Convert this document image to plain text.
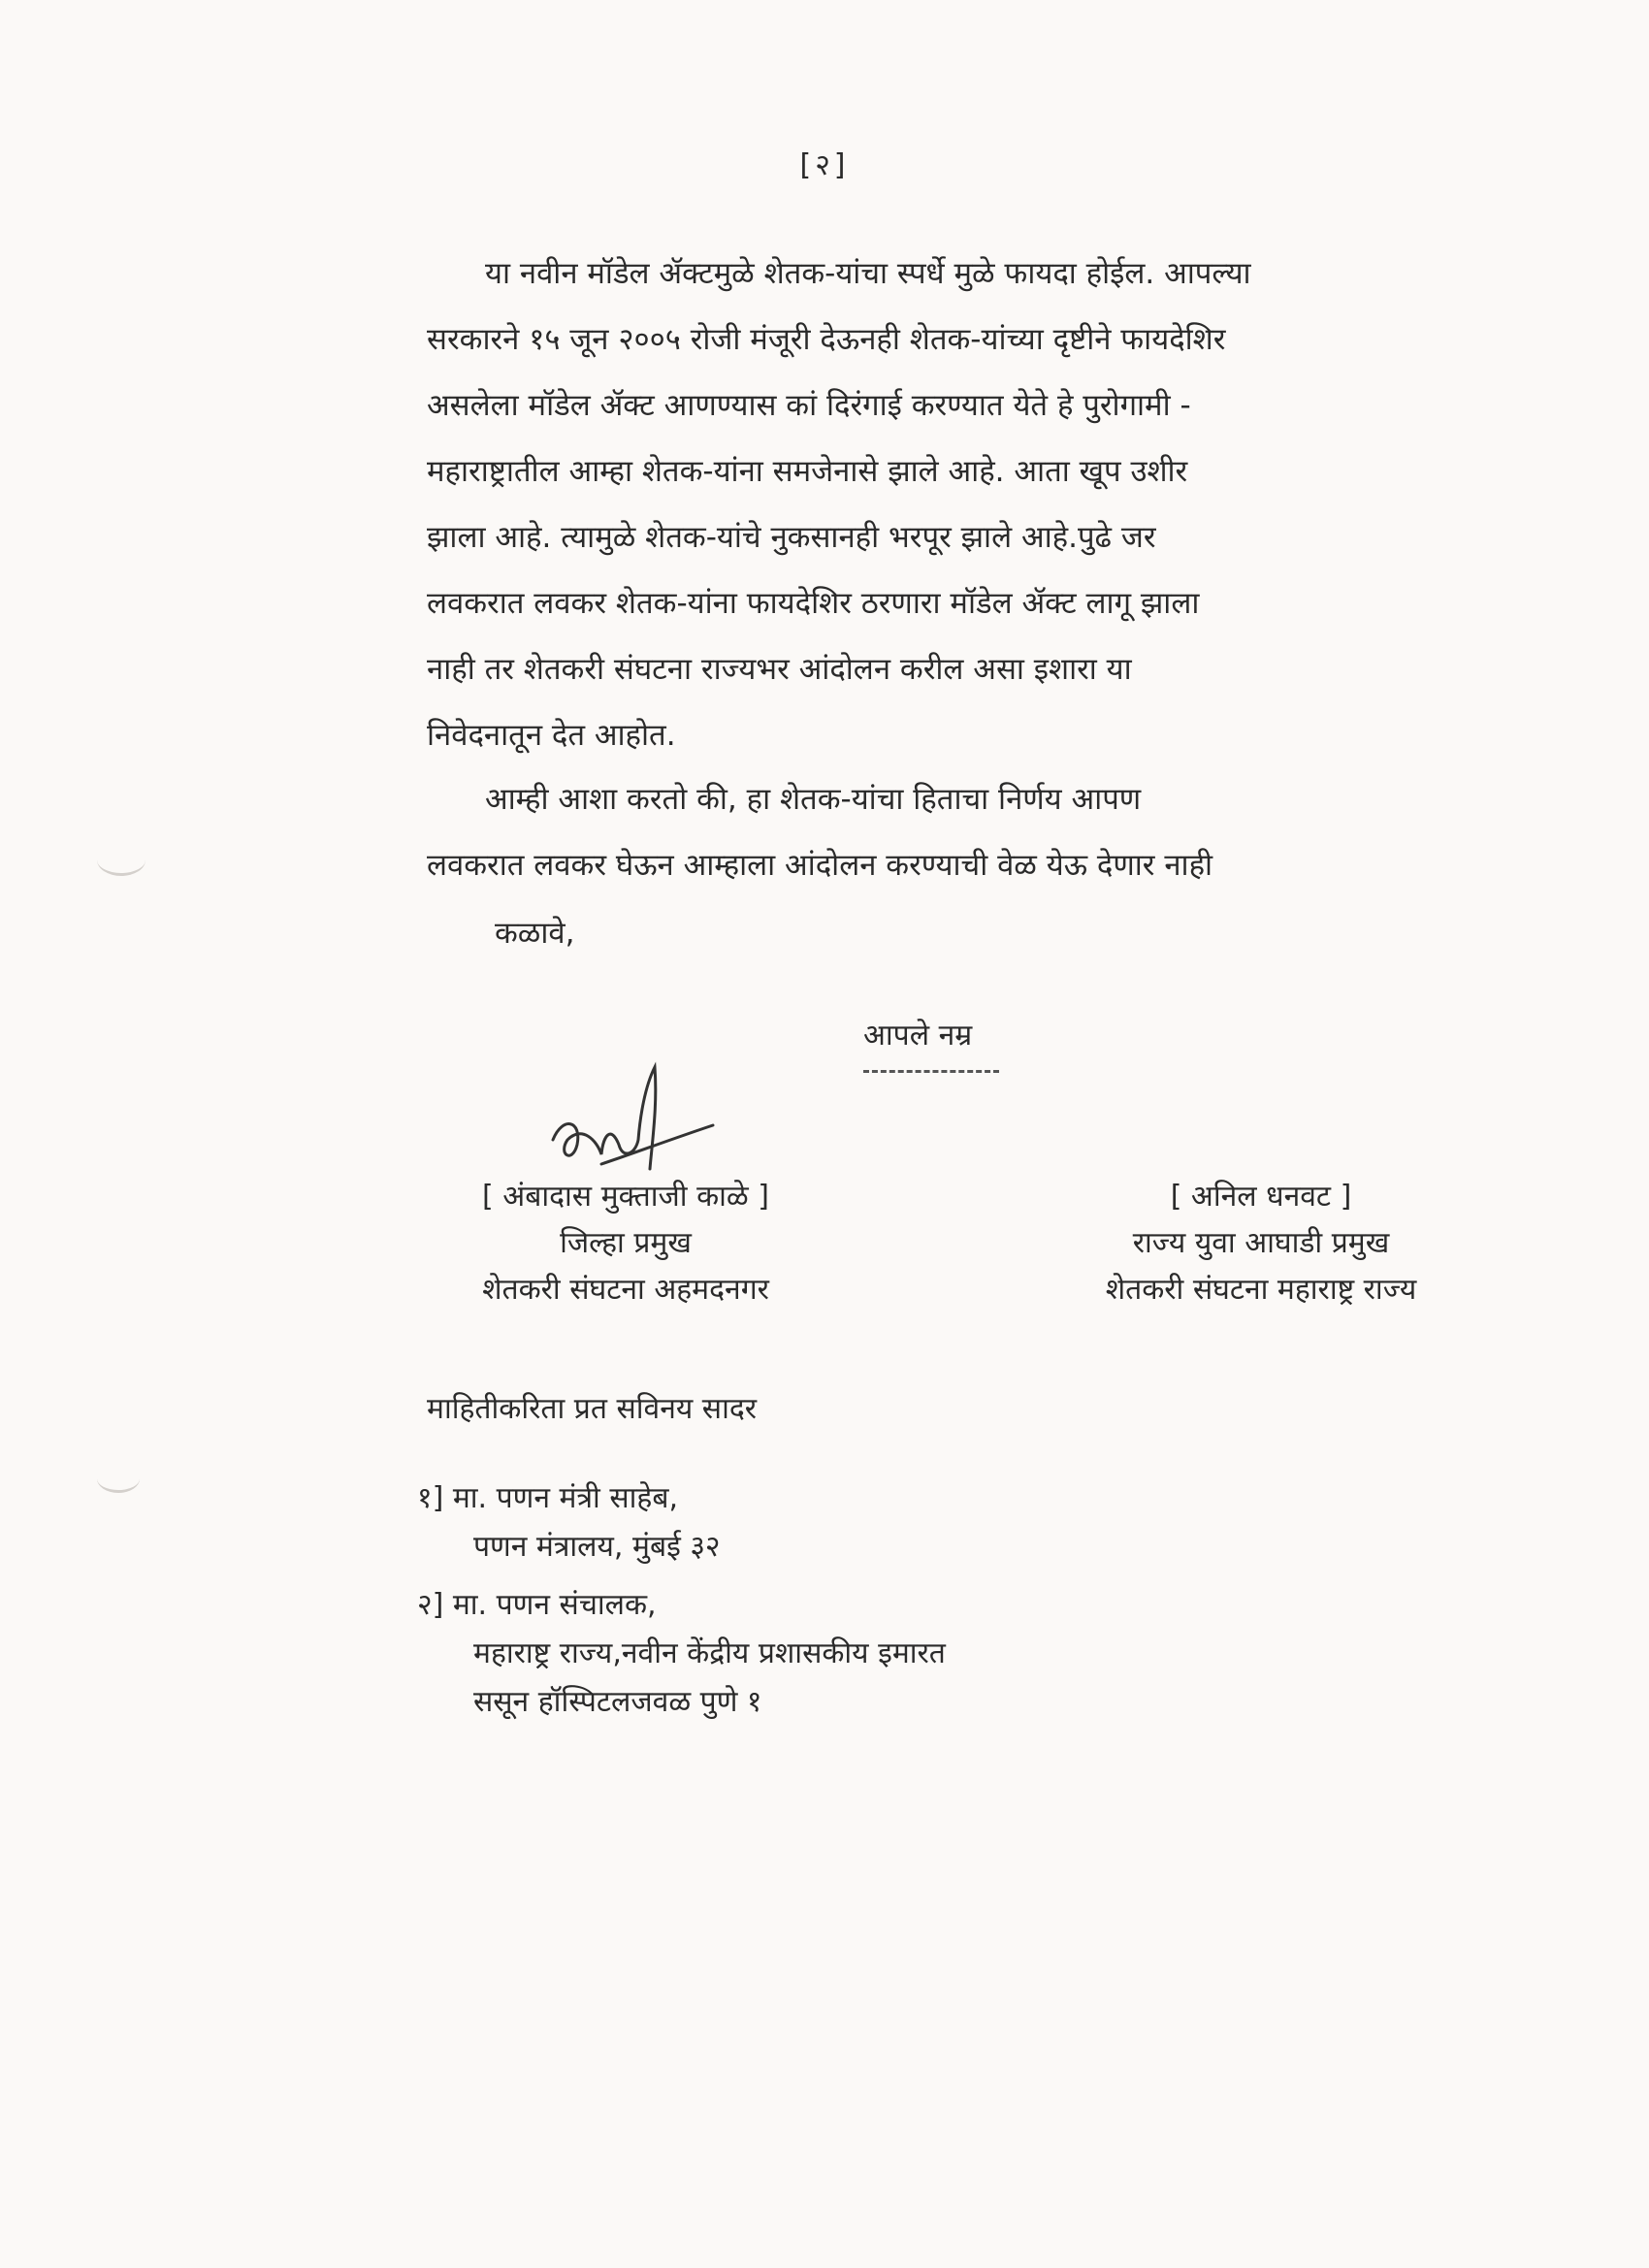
[२]
या नवीन मॉडेल ॲक्टमुळे शेतक-यांचा स्पर्धे मुळे फायदा होईल. आपल्या
सरकारने १५ जून २००५ रोजी मंजूरी देऊनही शेतक-यांच्या दृष्टीने फायदेशिर
असलेला मॉडेल ॲक्ट आणण्यास कां दिरंगाई करण्यात येते हे पुरोगामी -
महाराष्ट्रातील आम्हा शेतक-यांना समजेनासे झाले आहे. आता खूप उशीर
झाला आहे. त्यामुळे शेतक-यांचे नुकसानही भरपूर झाले आहे.पुढे जर
लवकरात लवकर शेतक-यांना फायदेशिर ठरणारा मॉडेल ॲक्ट लागू झाला
नाही तर शेतकरी संघटना राज्यभर आंदोलन करील असा इशारा या
निवेदनातून देत आहोत.
आम्ही आशा करतो की, हा शेतक-यांचा हिताचा निर्णय आपण
लवकरात लवकर घेऊन आम्हाला आंदोलन करण्याची वेळ येऊ देणार नाही
कळावे,
आपले नम्र
[ अंबादास मुक्ताजी काळे ]
जिल्हा प्रमुख
शेतकरी संघटना अहमदनगर
[ अनिल धनवट ]
राज्य युवा आघाडी प्रमुख
शेतकरी संघटना महाराष्ट्र राज्य
माहितीकरिता प्रत सविनय सादर
१] मा. पणन मंत्री साहेब,
पणन मंत्रालय, मुंबई ३२
२] मा. पणन संचालक,
महाराष्ट्र राज्य,नवीन केंद्रीय प्रशासकीय इमारत
ससून हॉस्पिटलजवळ पुणे १
